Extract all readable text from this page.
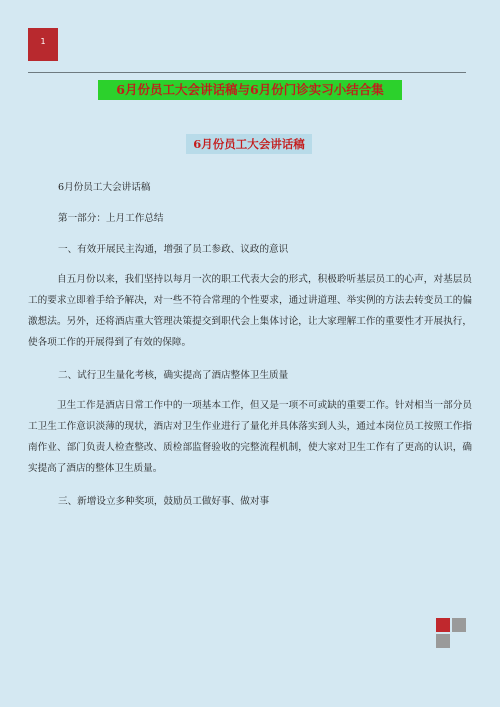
1
6月份员工大会讲话稿与6月份门诊实习小结合集
6月份员工大会讲话稿

6月份员工大会讲话稿

第一部分：上月工作总结

一、有效开展民主沟通，增强了员工参政、议政的意识

自五月份以来，我们坚持以每月一次的职工代表大会的形式，积极聆听基层员工的心声，对基层员工的要求立即着手给予解决，对一些不符合常理的个性要求，通过讲道理、举实例的方法去转变员工的偏激想法。另外，还将酒店重大管理决策提交到职代会上集体讨论，让大家理解工作的重要性才开展执行，使各项工作的开展得到了有效的保障。

二、试行卫生量化考核，确实提高了酒店整体卫生质量

卫生工作是酒店日常工作中的一项基本工作，但又是一项不可或缺的重要工作。针对相当一部分员工卫生工作意识淡薄的现状，酒店对卫生作业进行了量化并具体落实到人头，通过本岗位员工按照工作指南作业、部门负责人检查整改、质检部监督验收的完整流程机制，使大家对卫生工作有了更高的认识，确实提高了酒店的整体卫生质量。

三、新增设立多种奖项，鼓励员工做好事、做对事
